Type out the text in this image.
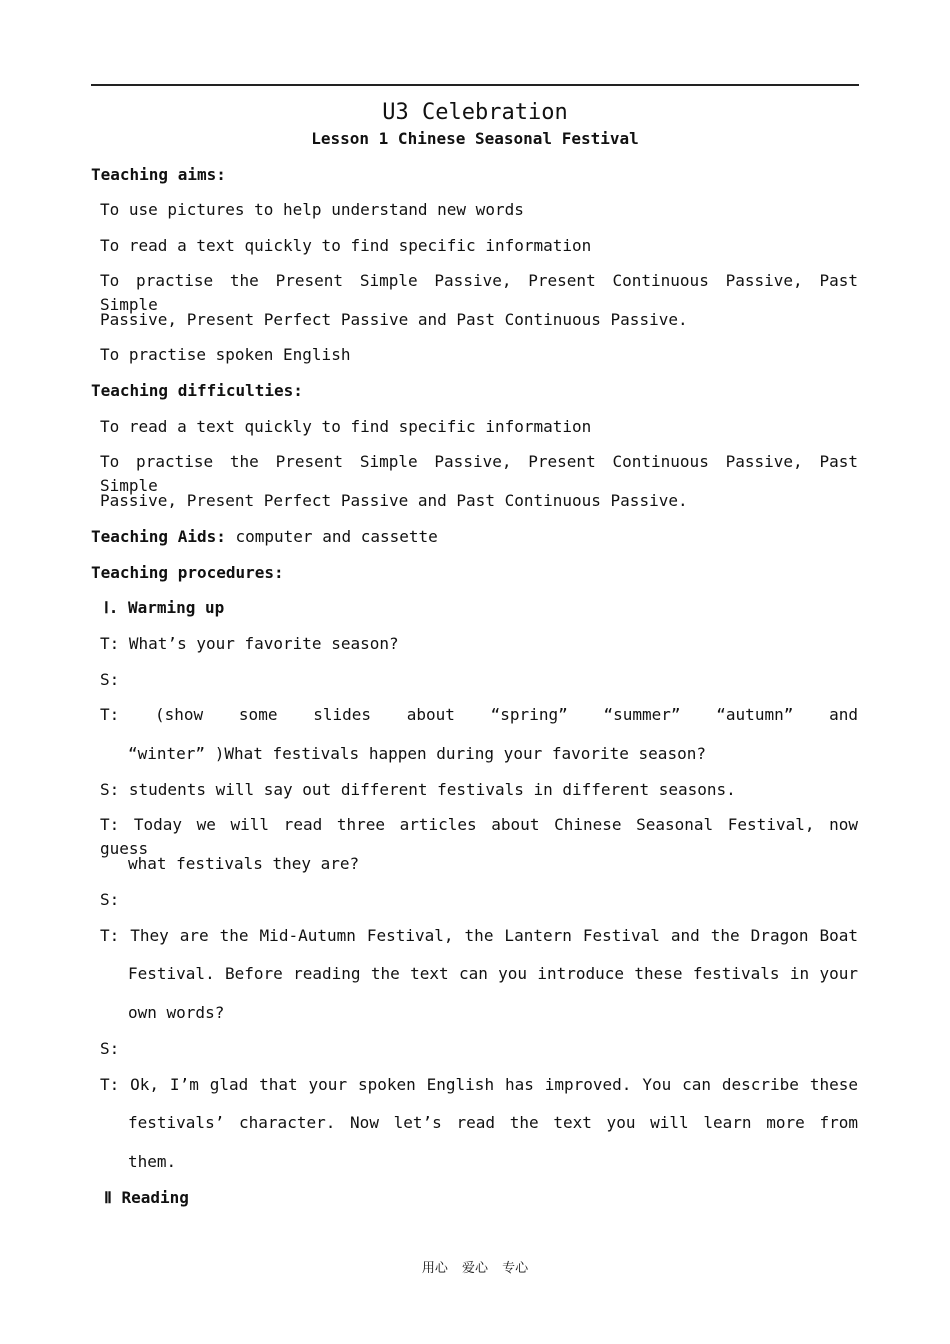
U3 Celebration
Lesson 1 Chinese Seasonal Festival
Teaching aims:
To use pictures to help understand new words
To read a text quickly to find specific information
To practise the Present Simple Passive, Present Continuous Passive, Past Simple
Passive, Present Perfect Passive and Past Continuous Passive.
To practise spoken English
Teaching difficulties:
To read a text quickly to find specific information
To practise the Present Simple Passive, Present Continuous Passive, Past Simple
Passive, Present Perfect Passive and Past Continuous Passive.
Teaching Aids: computer and cassette
Teaching procedures:
Ⅰ. Warming up
T: What’s your favorite season?
S:
T: (show some slides about “spring” “summer” “autumn” and
“winter” )What festivals happen during your favorite season?
S: students will say out different festivals in different seasons.
T: Today we will read three articles about Chinese Seasonal Festival, now guess
what festivals they are?
S:
T: They are the Mid-Autumn Festival, the Lantern Festival and the Dragon Boat
Festival. Before reading the text can you introduce these festivals in your
own words?
S:
T: Ok, I’m glad that your spoken English has improved. You can describe these
festivals’ character. Now let’s read the text you will learn more from
them.
Ⅱ Reading
用心 爱心 专心
